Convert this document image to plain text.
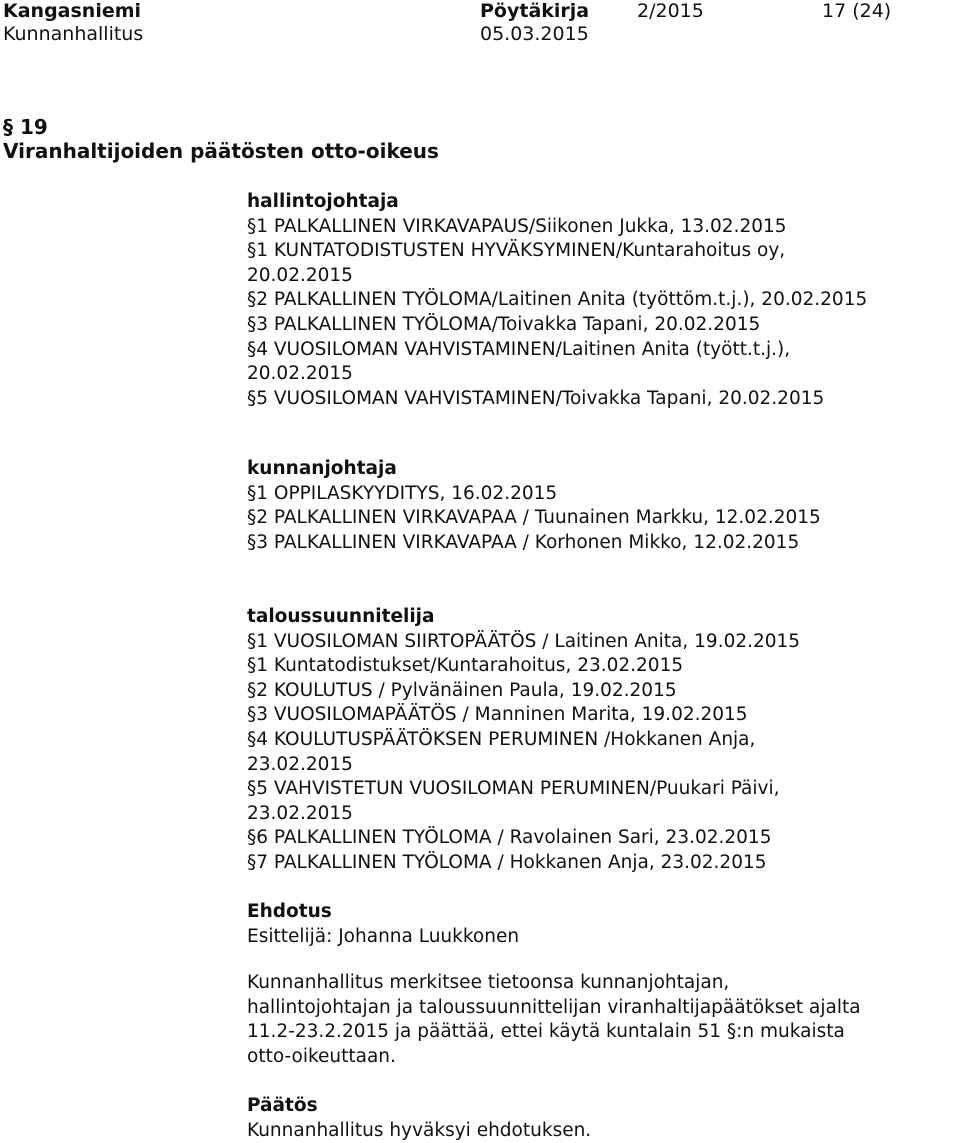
Kangasniemi
Kunnanhallitus
Pöytäkirja
05.03.2015
2/2015	17 (24)
§ 19
Viranhaltijoiden päätösten otto-oikeus
hallintojohtaja
§1 PALKALLINEN VIRKAVAPAUS/Siikonen Jukka, 13.02.2015
§1 KUNTATODISTUSTEN HYVÄKSYMINEN/Kuntarahoitus oy,
20.02.2015
§2 PALKALLINEN TYÖLOMA/Laitinen Anita (työttöm.t.j.), 20.02.2015
§3 PALKALLINEN TYÖLOMA/Toivakka Tapani, 20.02.2015
§4 VUOSILOMAN VAHVISTAMINEN/Laitinen Anita (tyött.t.j.),
20.02.2015
§5 VUOSILOMAN VAHVISTAMINEN/Toivakka Tapani, 20.02.2015
kunnanjohtaja
§1 OPPILASKYYDITYS, 16.02.2015
§2 PALKALLINEN VIRKAVAPAA / Tuunainen Markku, 12.02.2015
§3 PALKALLINEN VIRKAVAPAA / Korhonen Mikko, 12.02.2015
taloussuunnitelija
§1 VUOSILOMAN SIIRTOPÄÄTÖS / Laitinen Anita, 19.02.2015
§1 Kuntatodistukset/Kuntarahoitus, 23.02.2015
§2 KOULUTUS / Pylvänäinen Paula, 19.02.2015
§3 VUOSILOMAPÄÄTÖS / Manninen Marita, 19.02.2015
§4 KOULUTUSPÄÄTÖKSEN PERUMINEN /Hokkanen Anja,
23.02.2015
§5 VAHVISTETUN VUOSILOMAN PERUMINEN/Puukari Päivi,
23.02.2015
§6 PALKALLINEN TYÖLOMA / Ravolainen Sari, 23.02.2015
§7 PALKALLINEN TYÖLOMA / Hokkanen Anja, 23.02.2015
Ehdotus
Esittelijä: Johanna Luukkonen
Kunnanhallitus merkitsee tietoonsa kunnanjohtajan,
hallintojohtajan ja taloussuunnittelijan viranhaltijapäätökset ajalta
11.2-23.2.2015 ja päättää, ettei käytä kuntalain 51 §:n mukaista
otto-oikeuttaan.
Päätös
Kunnanhallitus hyväksyi ehdotuksen.
